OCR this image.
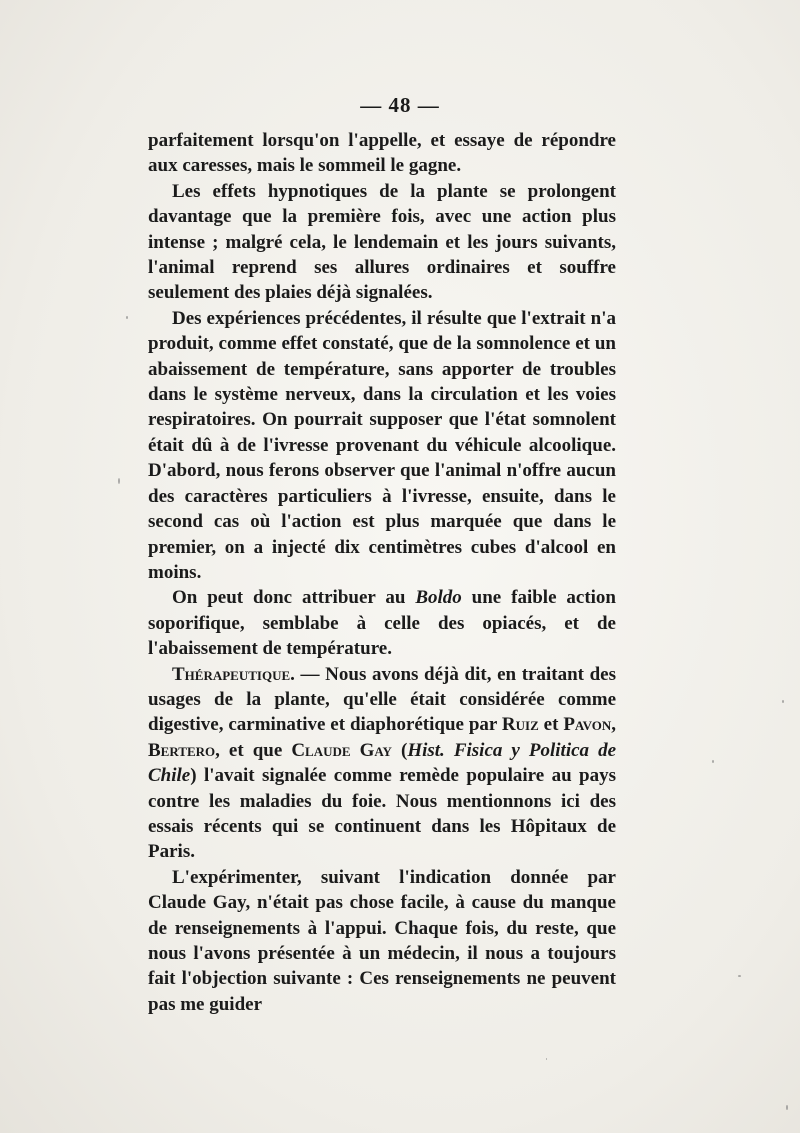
— 48 —

parfaitement lorsqu'on l'appelle, et essaye de répondre aux caresses, mais le sommeil le gagne.

Les effets hypnotiques de la plante se prolongent davantage que la première fois, avec une action plus intense ; malgré cela, le lendemain et les jours suivants, l'animal reprend ses allures ordinaires et souffre seulement des plaies déjà signalées.

Des expériences précédentes, il résulte que l'extrait n'a produit, comme effet constaté, que de la somnolence et un abaissement de température, sans apporter de troubles dans le système nerveux, dans la circulation et les voies respiratoires. On pourrait supposer que l'état somnolent était dû à de l'ivresse provenant du véhicule alcoolique. D'abord, nous ferons observer que l'animal n'offre aucun des caractères particuliers à l'ivresse, ensuite, dans le second cas où l'action est plus marquée que dans le premier, on a injecté dix centimètres cubes d'alcool en moins.

On peut donc attribuer au Boldo une faible action soporifique, semblabe à celle des opiacés, et de l'abaissement de température.

Thérapeutique. — Nous avons déjà dit, en traitant des usages de la plante, qu'elle était considérée comme digestive, carminative et diaphorétique par Ruiz et Pavon, Bertero, et que Claude Gay (Hist. Fisica y Politica de Chile) l'avait signalée comme remède populaire au pays contre les maladies du foie. Nous mentionnons ici des essais récents qui se continuent dans les Hôpitaux de Paris.

L'expérimenter, suivant l'indication donnée par Claude Gay, n'était pas chose facile, à cause du manque de renseignements à l'appui. Chaque fois, du reste, que nous l'avons présentée à un médecin, il nous a toujours fait l'objection suivante : Ces renseignements ne peuvent pas me guider
